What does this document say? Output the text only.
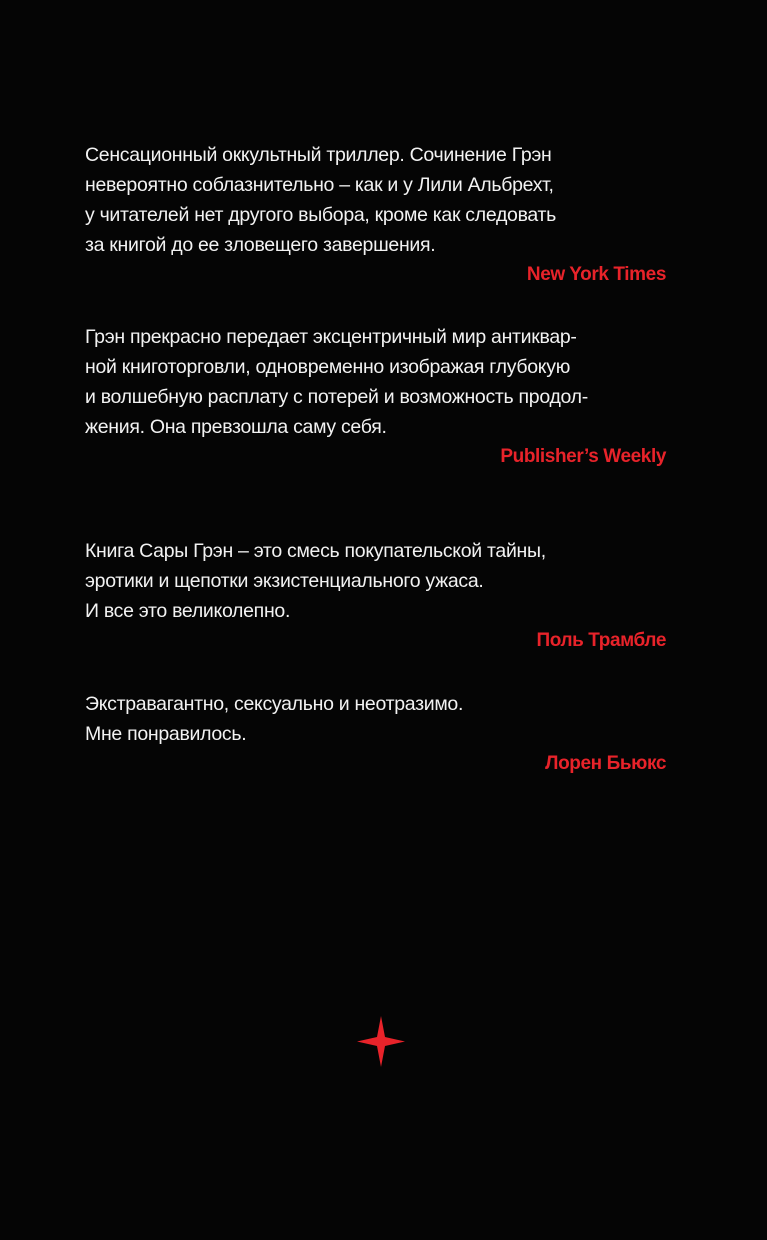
Сенсационный оккультный триллер. Сочинение Грэн
невероятно соблазнительно – как и у Лили Альбрехт,
у читателей нет другого выбора, кроме как следовать
за книгой до ее зловещего завершения.

New York Times

Грэн прекрасно передает эксцентричный мир антиквар-
ной книготорговли, одновременно изображая глубокую
и волшебную расплату с потерей и возможность продол-
жения. Она превзошла саму себя.

Publisher’s Weekly

Книга Сары Грэн – это смесь покупательской тайны,
эротики и щепотки экзистенциального ужаса.
И все это великолепно.

Поль Трамбле

Экстравагантно, сексуально и неотразимо.
Мне понравилось.

Лорен Бьюкс
